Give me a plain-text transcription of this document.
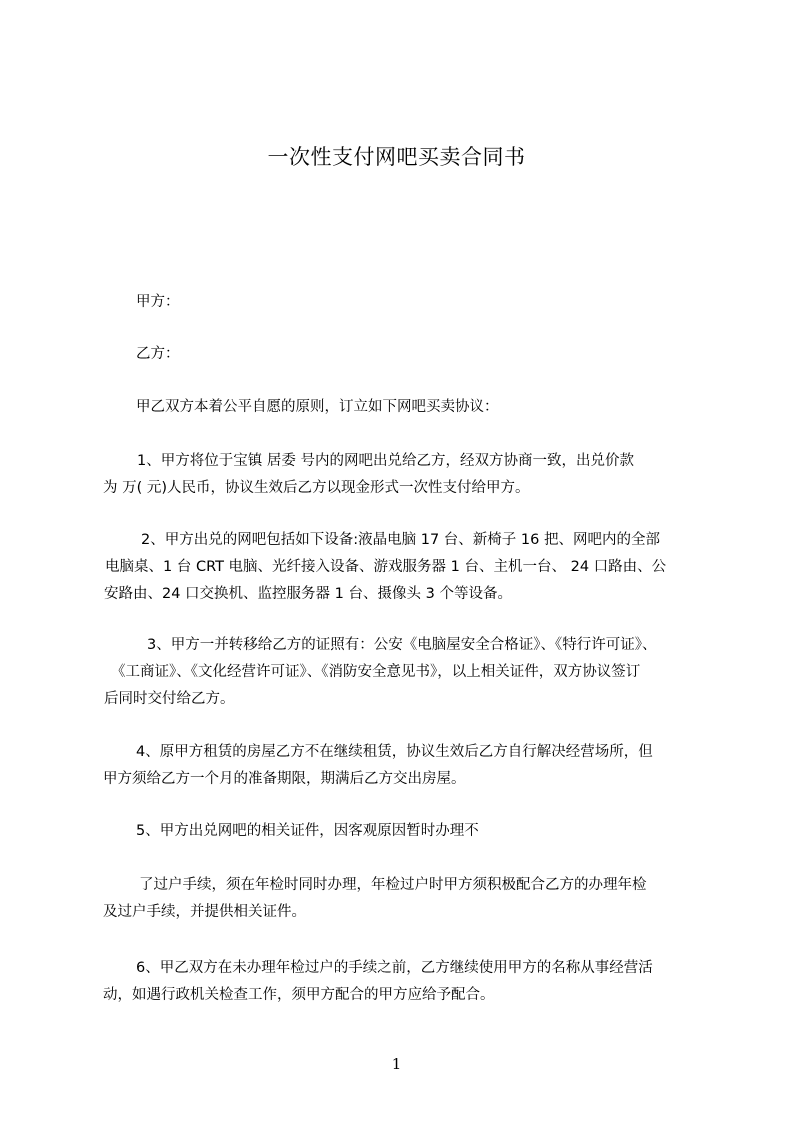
一次性支付网吧买卖合同书

甲方：

乙方：

甲乙双方本着公平自愿的原则，订立如下网吧买卖协议：

1、甲方将位于宝镇 居委 号内的网吧出兑给乙方，经双方协商一致，出兑价款
为 万( 元)人民币，协议生效后乙方以现金形式一次性支付给甲方。
2、甲方出兑的网吧包括如下设备:液晶电脑 17 台、新椅子 16 把、网吧内的全部
电脑桌、1 台 CRT 电脑、光纤接入设备、游戏服务器 1 台、主机一台、 24 口路由、公
安路由、24 口交换机、监控服务器 1 台、摄像头 3 个等设备。
3、甲方一并转移给乙方的证照有：公安《电脑屋安全合格证》、《特行许可证》、
《工商证》、《文化经营许可证》、《消防安全意见书》，以上相关证件，双方协议签订
后同时交付给乙方。
4、原甲方租赁的房屋乙方不在继续租赁，协议生效后乙方自行解决经营场所，但
甲方须给乙方一个月的准备期限，期满后乙方交出房屋。

5、甲方出兑网吧的相关证件，因客观原因暂时办理不

了过户手续，须在年检时同时办理，年检过户时甲方须积极配合乙方的办理年检
及过户手续，并提供相关证件。
6、甲乙双方在未办理年检过户的手续之前，乙方继续使用甲方的名称从事经营活
动，如遇行政机关检查工作，须甲方配合的甲方应给予配合。
1
